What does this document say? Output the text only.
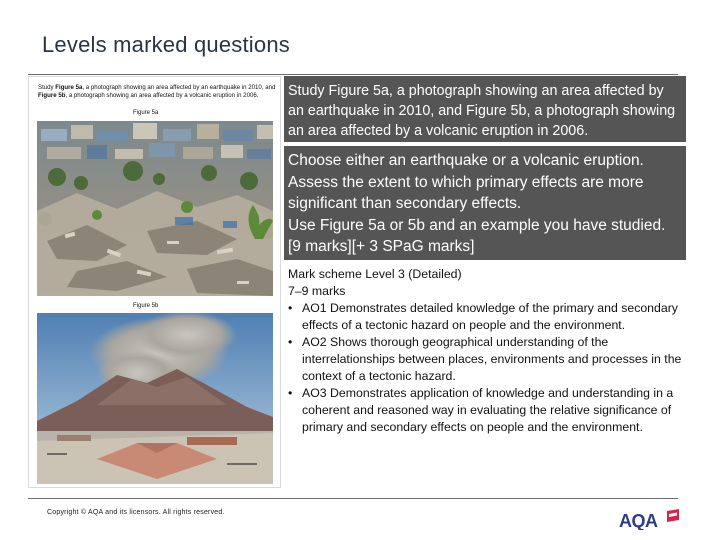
Levels marked questions
Study Figure 5a, a photograph showing an area affected by an earthquake in 2010, and Figure 5b, a photograph showing an area affected by a volcanic eruption in 2006.
Figure 5a
Figure 5b
Study Figure 5a, a photograph showing an area affected by an earthquake in 2010, and Figure 5b, a photograph showing an area affected by a volcanic eruption in 2006.
Choose either an earthquake or a volcanic eruption. Assess the extent to which primary effects are more significant than secondary effects.
Use Figure 5a or 5b and an example you have studied. [9 marks][+ 3 SPaG marks]
Mark scheme Level 3 (Detailed)
7–9 marks
• AO1 Demonstrates detailed knowledge of the primary and secondary effects of a tectonic hazard on people and the environment.
• AO2 Shows thorough geographical understanding of the interrelationships between places, environments and processes in the context of a tectonic hazard.
• AO3 Demonstrates application of knowledge and understanding in a coherent and reasoned way in evaluating the relative significance of primary and secondary effects on people and the environment.
Copyright © AQA and its licensors. All rights reserved.	AQA
